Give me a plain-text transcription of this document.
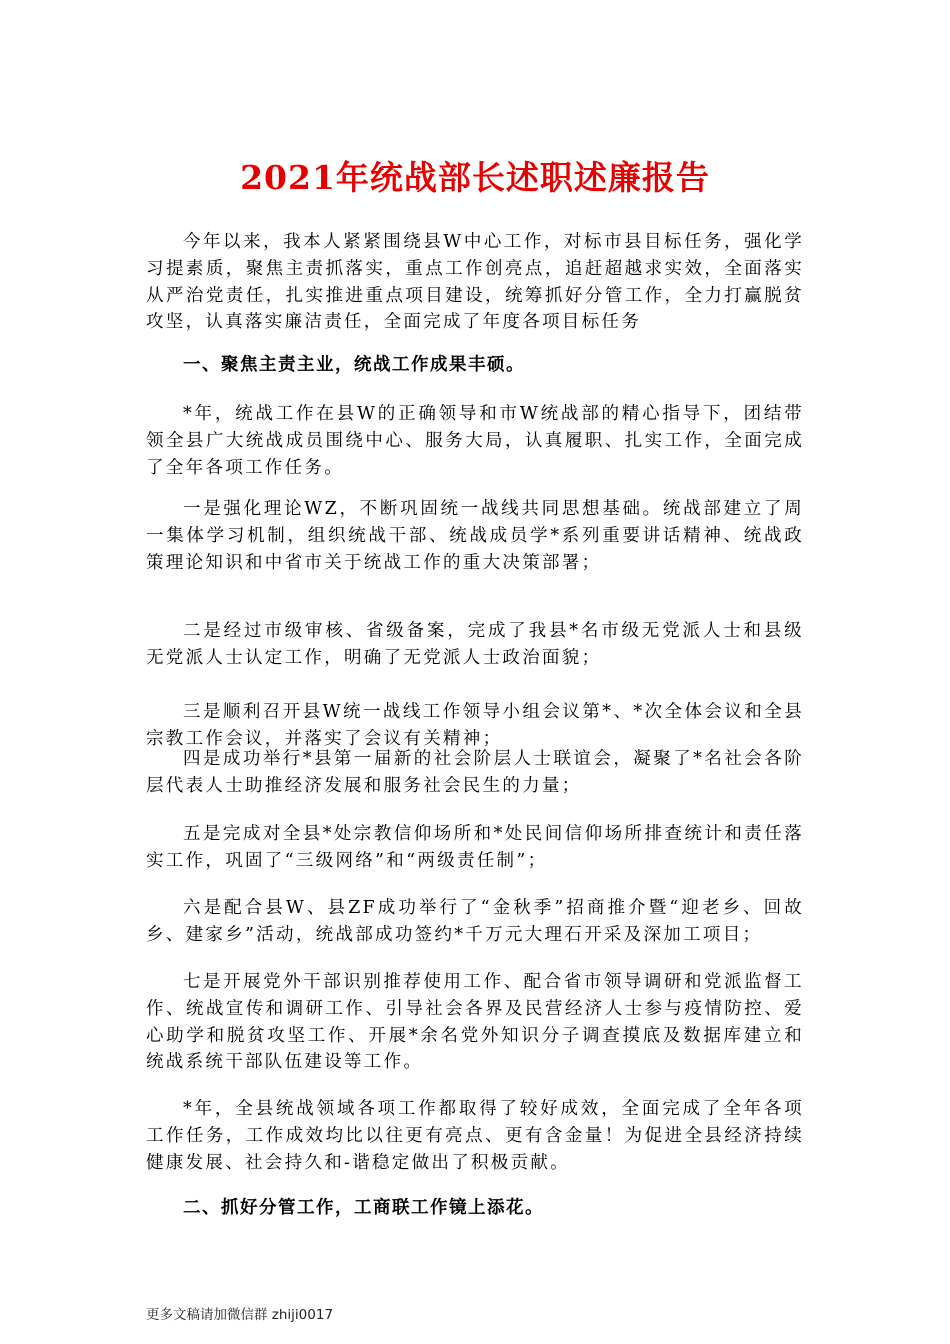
2021年统战部长述职述廉报告

今年以来，我本人紧紧围绕县W中心工作，对标市县目标任务，强化学习提素质，聚焦主责抓落实，重点工作创亮点，追赶超越求实效，全面落实从严治党责任，扎实推进重点项目建设，统筹抓好分管工作，全力打赢脱贫攻坚，认真落实廉洁责任，全面完成了年度各项目标任务

一、聚焦主责主业，统战工作成果丰硕。

*年，统战工作在县W的正确领导和市W统战部的精心指导下，团结带领全县广大统战成员围绕中心、服务大局，认真履职、扎实工作，全面完成了全年各项工作任务。

一是强化理论WZ，不断巩固统一战线共同思想基础。统战部建立了周一集体学习机制，组织统战干部、统战成员学*系列重要讲话精神、统战政策理论知识和中省市关于统战工作的重大决策部署；

二是经过市级审核、省级备案，完成了我县*名市级无党派人士和县级无党派人士认定工作，明确了无党派人士政治面貌；

三是顺利召开县W统一战线工作领导小组会议第*、*次全体会议和全县宗教工作会议，并落实了会议有关精神；

四是成功举行*县第一届新的社会阶层人士联谊会，凝聚了*名社会各阶层代表人士助推经济发展和服务社会民生的力量；

五是完成对全县*处宗教信仰场所和*处民间信仰场所排查统计和责任落实工作，巩固了“三级网络”和“两级责任制”；

六是配合县W、县ZF成功举行了“金秋季”招商推介暨“迎老乡、回故乡、建家乡”活动，统战部成功签约*千万元大理石开采及深加工项目；

七是开展党外干部识别推荐使用工作、配合省市领导调研和党派监督工作、统战宣传和调研工作、引导社会各界及民营经济人士参与疫情防控、爱心助学和脱贫攻坚工作、开展*余名党外知识分子调查摸底及数据库建立和统战系统干部队伍建设等工作。

*年，全县统战领域各项工作都取得了较好成效，全面完成了全年各项工作任务，工作成效均比以往更有亮点、更有含金量！为促进全县经济持续健康发展、社会持久和-谐稳定做出了积极贡献。

二、抓好分管工作，工商联工作镜上添花。

更多文稿请加微信群 zhiji0017
